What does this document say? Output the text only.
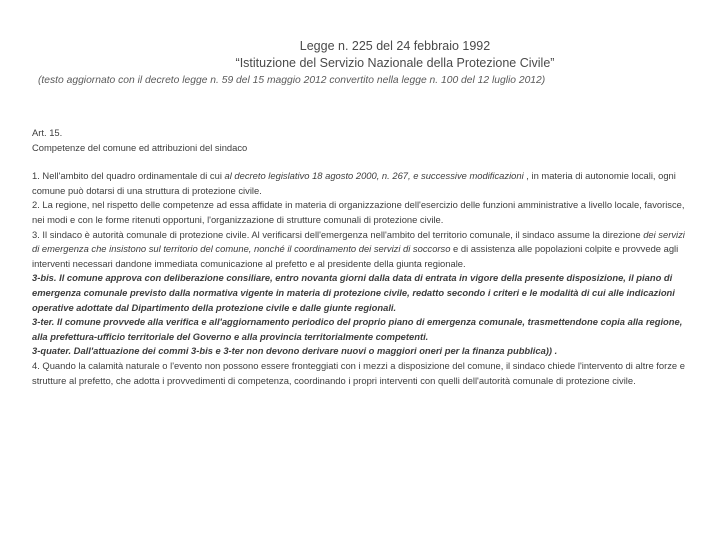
Legge n. 225 del 24 febbraio 1992

“Istituzione del Servizio Nazionale della Protezione Civile”

(testo aggiornato con il decreto legge n. 59 del 15 maggio 2012 convertito nella legge n. 100 del 12 luglio 2012)

Art. 15.

Competenze del comune ed attribuzioni del sindaco

1. Nell'ambito del quadro ordinamentale di cui al decreto legislativo 18 agosto 2000, n. 267, e successive modificazioni , in materia di autonomie locali, ogni comune può dotarsi di una struttura di protezione civile.

2. La regione, nel rispetto delle competenze ad essa affidate in materia di organizzazione dell'esercizio delle funzioni amministrative a livello locale, favorisce, nei modi e con le forme ritenuti opportuni, l'organizzazione di strutture comunali di protezione civile.

3. Il sindaco è autorità comunale di protezione civile. Al verificarsi dell'emergenza nell'ambito del territorio comunale, il sindaco assume la direzione dei servizi di emergenza che insistono sul territorio del comune, nonché il coordinamento dei servizi di soccorso e di assistenza alle popolazioni colpite e provvede agli interventi necessari dandone immediata comunicazione al prefetto e al presidente della giunta regionale.

3-bis. Il comune approva con deliberazione consiliare, entro novanta giorni dalla data di entrata in vigore della presente disposizione, il piano di emergenza comunale previsto dalla normativa vigente in materia di protezione civile, redatto secondo i criteri e le modalità di cui alle indicazioni operative adottate dal Dipartimento della protezione civile e dalle giunte regionali.

3-ter. Il comune provvede alla verifica e all'aggiornamento periodico del proprio piano di emergenza comunale, trasmettendone copia alla regione, alla prefettura-ufficio territoriale del Governo e alla provincia territorialmente competenti.

3-quater. Dall'attuazione dei commi 3-bis e 3-ter non devono derivare nuovi o maggiori oneri per la finanza pubblica)) .

4. Quando la calamità naturale o l'evento non possono essere fronteggiati con i mezzi a disposizione del comune, il sindaco chiede l'intervento di altre forze e strutture al prefetto, che adotta i provvedimenti di competenza, coordinando i propri interventi con quelli dell'autorità comunale di protezione civile.
